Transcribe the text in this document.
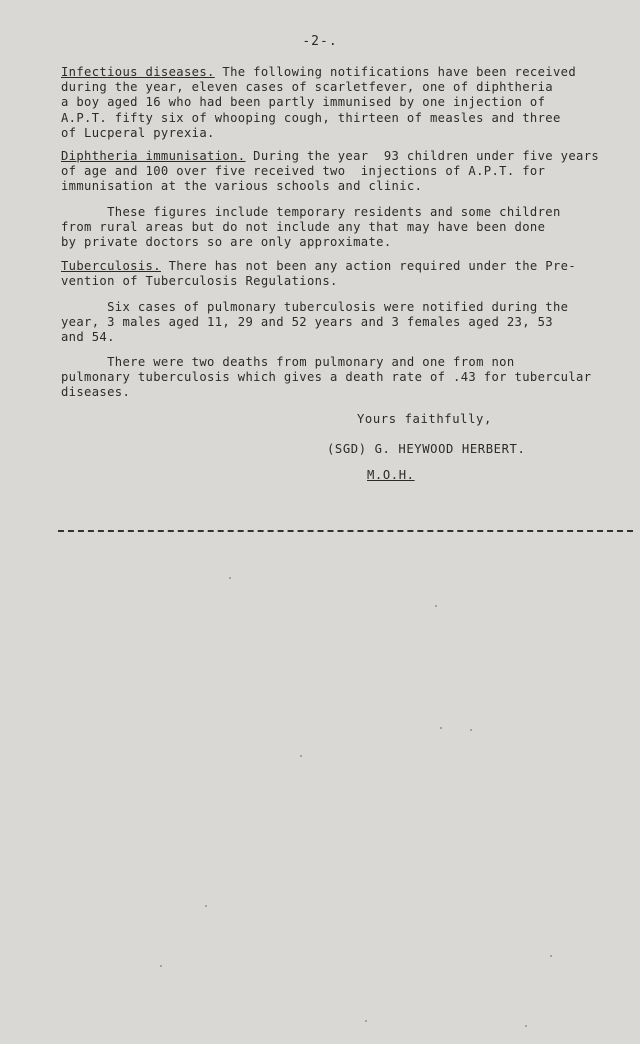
-2-.
Infectious diseases. The following notifications have been received
during the year, eleven cases of scarletfever, one of diphtheria
a boy aged 16 who had been partly immunised by one injection of
A.P.T. fifty six of whooping cough, thirteen of measles and three
of Lucperal pyrexia.
Diphtheria immunisation. During the year  93 children under five years
of age and 100 over five received two  injections of A.P.T. for
immunisation at the various schools and clinic.
These figures include temporary residents and some children
from rural areas but do not include any that may have been done
by private doctors so are only approximate.
Tuberculosis. There has not been any action required under the Pre-
vention of Tuberculosis Regulations.
Six cases of pulmonary tuberculosis were notified during the
year, 3 males aged 11, 29 and 52 years and 3 females aged 23, 53
and 54.
There were two deaths from pulmonary and one from non
pulmonary tuberculosis which gives a death rate of .43 for tubercular
diseases.
Yours faithfully,
(SGD) G. HEYWOOD HERBERT.
M.O.H.
